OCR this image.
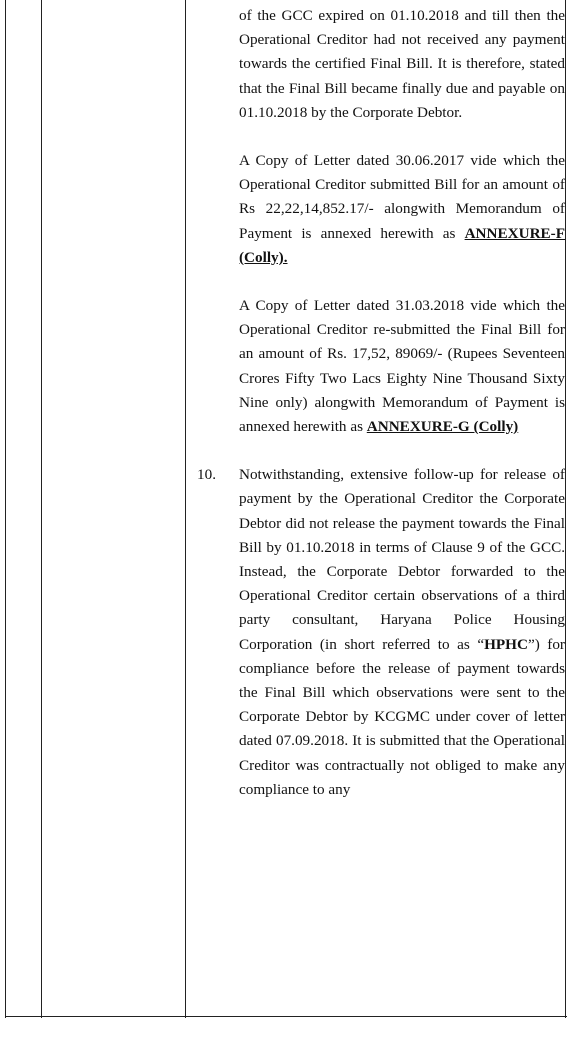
of the GCC expired on 01.10.2018 and till then the Operational Creditor had not received any payment towards the certified Final Bill. It is therefore, stated that the Final Bill became finally due and payable on 01.10.2018 by the Corporate Debtor.

A Copy of Letter dated 30.06.2017 vide which the Operational Creditor submitted Bill for an amount of Rs 22,22,14,852.17/- alongwith Memorandum of Payment is annexed herewith as ANNEXURE-F (Colly).

A Copy of Letter dated 31.03.2018 vide which the Operational Creditor re-submitted the Final Bill for an amount of Rs. 17,52, 89069/- (Rupees Seventeen Crores Fifty Two Lacs Eighty Nine Thousand Sixty Nine only) alongwith Memorandum of Payment is annexed herewith as ANNEXURE-G (Colly)

10. Notwithstanding, extensive follow-up for release of payment by the Operational Creditor the Corporate Debtor did not release the payment towards the Final Bill by 01.10.2018 in terms of Clause 9 of the GCC. Instead, the Corporate Debtor forwarded to the Operational Creditor certain observations of a third party consultant, Haryana Police Housing Corporation (in short referred to as “HPHC”) for compliance before the release of payment towards the Final Bill which observations were sent to the Corporate Debtor by KCGMC under cover of letter dated 07.09.2018. It is submitted that the Operational Creditor was contractually not obliged to make any compliance to any
